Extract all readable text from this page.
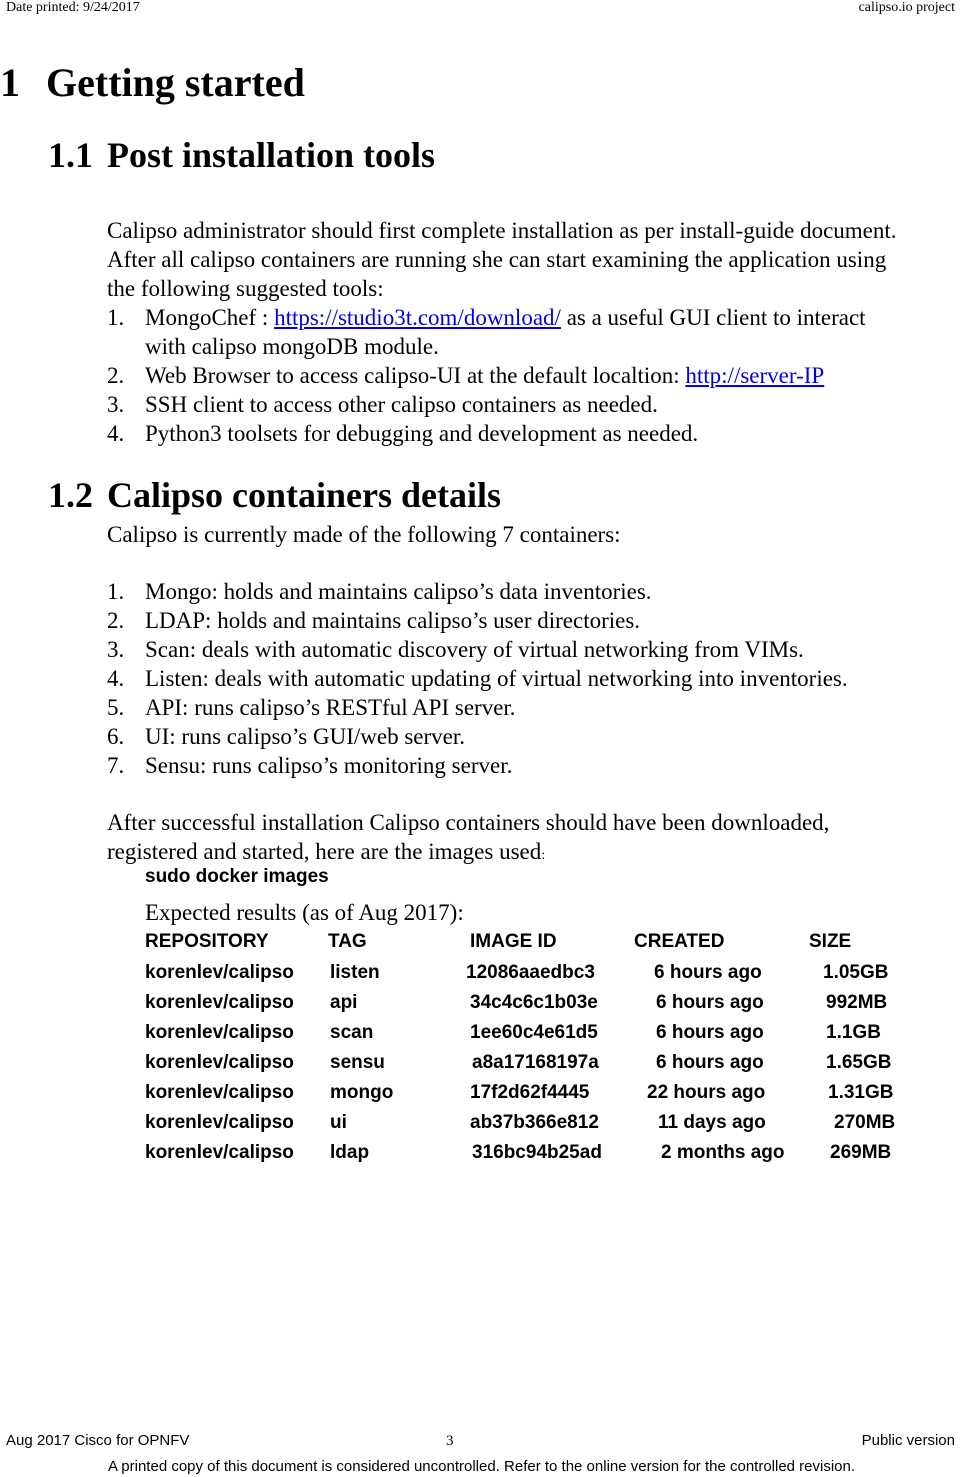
Date printed: 9/24/2017	calipso.io project
1 Getting started
1.1 Post installation tools
Calipso administrator should first complete installation as per install-guide document.
After all calipso containers are running she can start examining the application using
the following suggested tools:
1. MongoChef : https://studio3t.com/download/ as a useful GUI client to interact
with calipso mongoDB module.
2. Web Browser to access calipso-UI at the default localtion: http://server-IP
3. SSH client to access other calipso containers as needed.
4. Python3 toolsets for debugging and development as needed.
1.2 Calipso containers details
Calipso is currently made of the following 7 containers:
1. Mongo: holds and maintains calipso’s data inventories.
2. LDAP: holds and maintains calipso’s user directories.
3. Scan: deals with automatic discovery of virtual networking from VIMs.
4. Listen: deals with automatic updating of virtual networking into inventories.
5. API: runs calipso’s RESTful API server.
6. UI: runs calipso’s GUI/web server.
7. Sensu: runs calipso’s monitoring server.
After successful installation Calipso containers should have been downloaded,
registered and started, here are the images used:
sudo docker images
Expected results (as of Aug 2017):
REPOSITORY	TAG	IMAGE ID	CREATED	SIZE
korenlev/calipso listen	12086aaedbc3	6 hours ago	1.05GB
korenlev/calipso api	34c4c6c1b03e	6 hours ago	992MB
korenlev/calipso scan	1ee60c4e61d5	6 hours ago	1.1GB
korenlev/calipso sensu	a8a17168197a	6 hours ago	1.65GB
korenlev/calipso mongo	17f2d62f4445	22 hours ago	1.31GB
korenlev/calipso ui	ab37b366e812	11 days ago	270MB
korenlev/calipso ldap	316bc94b25ad	2 months ago 269MB
Aug 2017 Cisco for OPNFV	3	Public version
A printed copy of this document is considered uncontrolled. Refer to the online version for the controlled revision.
